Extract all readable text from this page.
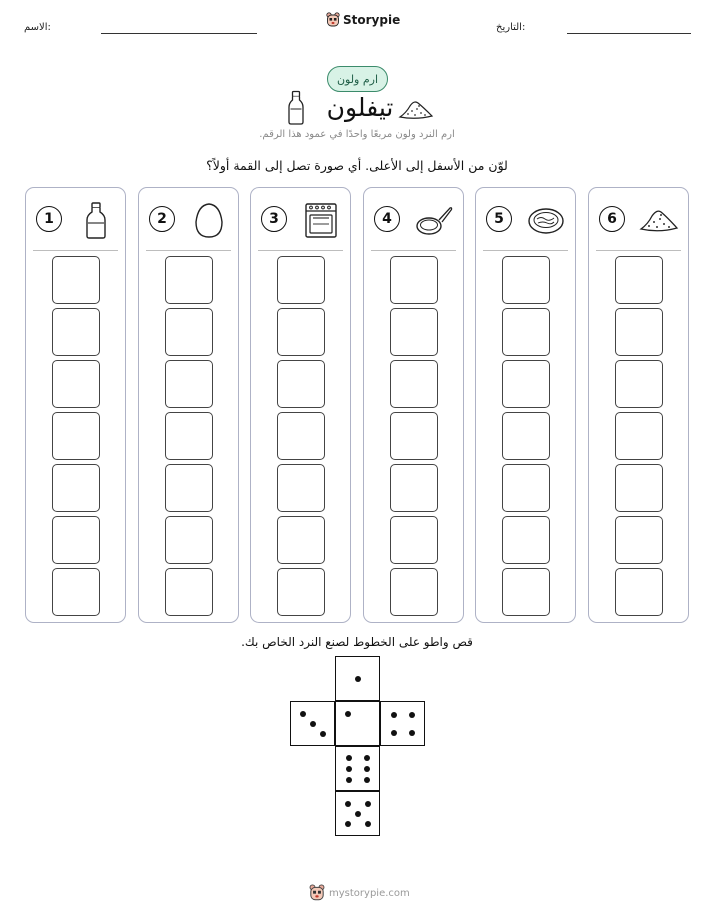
الاسم:
Storypie
التاريخ:
ارم ولون
تيفلون
ارم النرد ولون مربعًا واحدًا في عمود هذا الرقم.
لوّن من الأسفل إلى الأعلى. أي صورة تصل إلى القمة أولاً؟
1	2	3	4	5	6
قص واطو على الخطوط لصنع النرد الخاص بك.
mystorypie.com
